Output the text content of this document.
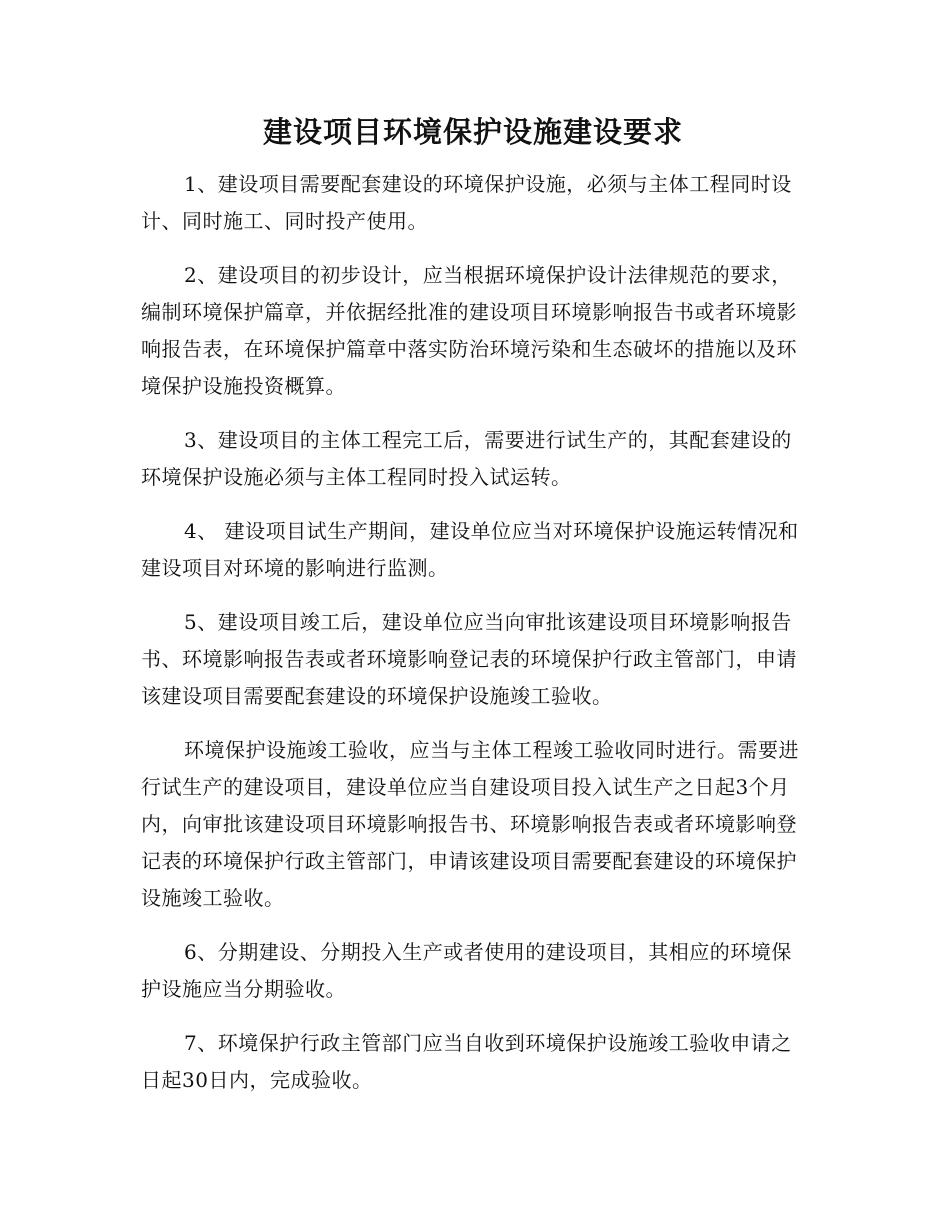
建设项目环境保护设施建设要求

1、建设项目需要配套建设的环境保护设施，必须与主体工程同时设计、同时施工、同时投产使用。

2、建设项目的初步设计，应当根据环境保护设计法律规范的要求，编制环境保护篇章，并依据经批准的建设项目环境影响报告书或者环境影响报告表，在环境保护篇章中落实防治环境污染和生态破坏的措施以及环境保护设施投资概算。

3、建设项目的主体工程完工后，需要进行试生产的，其配套建设的环境保护设施必须与主体工程同时投入试运转。

4、 建设项目试生产期间，建设单位应当对环境保护设施运转情况和建设项目对环境的影响进行监测。

5、建设项目竣工后，建设单位应当向审批该建设项目环境影响报告书、环境影响报告表或者环境影响登记表的环境保护行政主管部门，申请该建设项目需要配套建设的环境保护设施竣工验收。

环境保护设施竣工验收，应当与主体工程竣工验收同时进行。需要进行试生产的建设项目，建设单位应当自建设项目投入试生产之日起3个月内，向审批该建设项目环境影响报告书、环境影响报告表或者环境影响登记表的环境保护行政主管部门，申请该建设项目需要配套建设的环境保护设施竣工验收。

6、分期建设、分期投入生产或者使用的建设项目，其相应的环境保护设施应当分期验收。

7、环境保护行政主管部门应当自收到环境保护设施竣工验收申请之日起30日内，完成验收。
